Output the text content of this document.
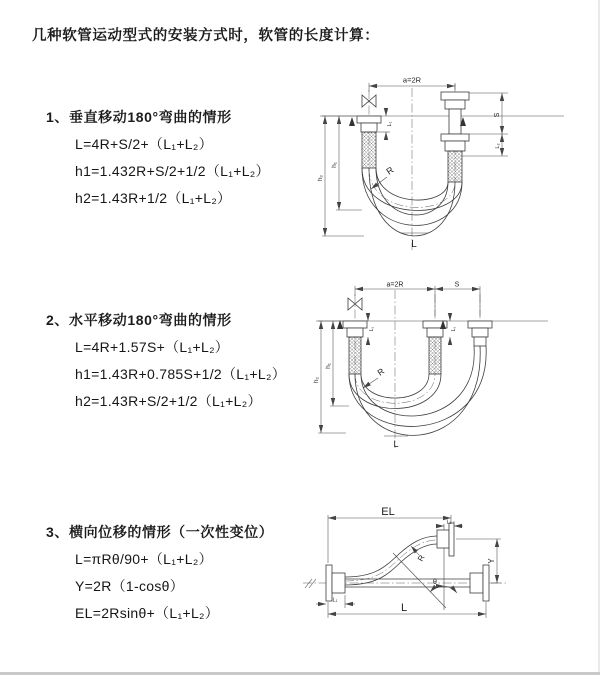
几种软管运动型式的安装方式时，软管的长度计算：
1、垂直移动180°弯曲的情形
L=4R+S/2+（L₁+L₂）
h1=1.432R+S/2+1/2（L₁+L₂）
h2=1.43R+1/2（L₁+L₂）
2、水平移动180°弯曲的情形
L=4R+1.57S+（L₁+L₂）
h1=1.43R+0.785S+1/2（L₁+L₂）
h2=1.43R+S/2+1/2（L₁+L₂）
3、横向位移的情形（一次性变位）
L=πRθ/90+（L₁+L₂）
Y=2R（1-cosθ）
EL=2Rsinθ+（L₁+L₂）
a=2R
h₁
h₂
L₁
S
L₂
R
L
a=2R	S
h₁
h₂
L₁	L₁
R
L
EL
L₁
Y
L
L₁
R
θ
